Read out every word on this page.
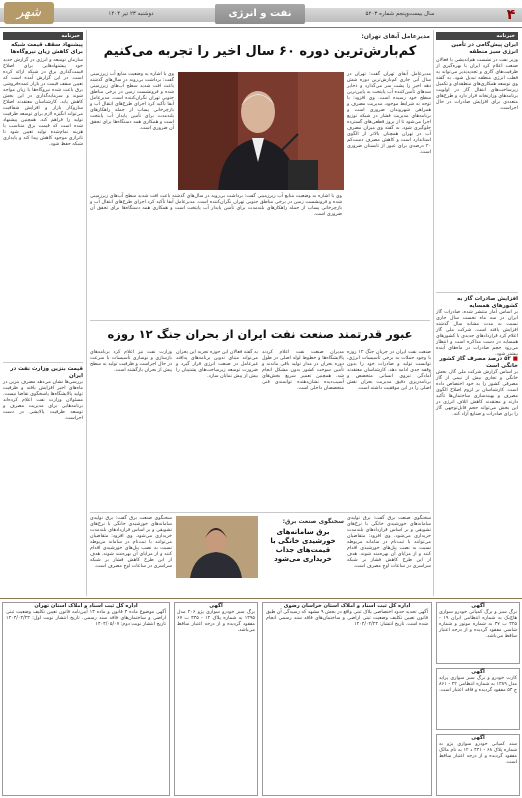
شهر	دوشنبه ۲۳ تیر ۱۴۰۴	نفت و انرژی	سال بیست‌وپنجم شماره ۵۲۰۳	۴
خبرنامه
پیشنهاد سقف قیمت شبکه برای کاهش زیان نیروگاه‌ها
سازمان توسعه و انرژی در گزارش جدید خود پیشنهادهایی برای اصلاح قیمت‌گذاری برق در شبکه ارائه کرده است. در این گزارش آمده است که تعیین سقف قیمت در بازار عمده‌فروشی برق باعث شده نیروگاه‌ها با زیان مواجه شوند و سرمایه‌گذاری در این بخش کاهش یابد. کارشناسان معتقدند اصلاح سازوکار بازار و افزایش شفافیت می‌تواند انگیزه لازم برای توسعه ظرفیت تولید را فراهم کند. همچنین پیشنهاد شده است که قیمت برق متناسب با هزینه تمام‌شده تولید تعیین شود تا ناترازی موجود کاهش پیدا کند و پایداری شبکه حفظ شود.
قیمت بنزین وزارت نفت در ایران
بررسی‌ها نشان می‌دهد مصرف بنزین در ماه‌های اخیر افزایش یافته و ظرفیت تولید پالایشگاه‌ها پاسخگوی تقاضا نیست. مسئولان وزارت نفت اعلام کرده‌اند برنامه‌هایی برای مدیریت مصرف و توسعه ظرفیت پالایشی در دست اجراست.
خبرنامه
ایران پیش‌گامی در تأمین انرژی سبز منطقه
وزیر نفت در نشست هم‌اندیشی با فعالان صنعت اعلام کرد ایران با بهره‌گیری از ظرفیت‌های گازی و تجدیدپذیر می‌تواند به قطب انرژی منطقه تبدیل شود. به گفته وی توسعه همکاری‌های منطقه‌ای و تکمیل زیرساخت‌های انتقال گاز در اولویت برنامه‌های وزارتخانه قرار دارد و طرح‌های متعددی برای افزایش صادرات در حال اجراست.
افزایش صادرات گاز به کشورهای همسایه
بر اساس آمار منتشر شده، صادرات گاز ایران در سه ماه نخست سال جاری نسبت به مدت مشابه سال گذشته افزایش یافته است. شرکت ملی گاز اعلام کرد قراردادهای جدیدی با کشورهای همسایه در دست مذاکره است و انتظار می‌رود حجم صادرات در ماه‌های آینده بیشتر شود.
مدیرعامل آبفای تهران:
کم‌بارش‌ترین دوره ۶۰ سال اخیر را تجربه می‌کنیم
مدیرعامل آبفای تهران گفت: تهران در سال آبی جاری کم‌بارش‌ترین دوره شش دهه اخیر را پشت سر می‌گذارد و ذخایر سدهای تأمین‌کننده آب پایتخت به پایین‌ترین سطح خود رسیده است. وی افزود: با توجه به شرایط موجود، مدیریت مصرف و همراهی شهروندان ضروری است و برنامه‌های مدیریت فشار در شبکه توزیع اجرا می‌شود تا از بروز قطعی‌های گسترده جلوگیری شود. به گفته وی میزان مصرف آب در تهران همچنان بالاتر از الگوی استاندارد است و کاهش مصرف دست‌کم ۲۰ درصدی برای عبور از تابستان ضروری است.
وی با اشاره به وضعیت منابع آب زیرزمینی گفت: برداشت بی‌رویه در سال‌های گذشته باعث افت شدید سطح آب‌های زیرزمینی شده و فرونشست زمین در برخی مناطق جنوبی تهران نگران‌کننده است. مدیرعامل آبفا تأکید کرد اجرای طرح‌های انتقال آب و بازچرخانی پساب از جمله راهکارهای بلندمدت برای تأمین پایدار آب پایتخت است و همکاری همه دستگاه‌ها برای تحقق آن ضروری است.
وی با اشاره به وضعیت منابع آب زیرزمینی گفت: برداشت بی‌رویه در سال‌های گذشته باعث افت شدید سطح آب‌های زیرزمینی شده و فرونشست زمین در برخی مناطق جنوبی تهران نگران‌کننده است. مدیرعامل آبفا تأکید کرد اجرای طرح‌های انتقال آب و بازچرخانی پساب از جمله راهکارهای بلندمدت برای تأمین پایدار آب پایتخت است و همکاری همه دستگاه‌ها برای تحقق آن ضروری است.
عبور قدرتمند صنعت نفت ایران از بحران جنگ ۱۲ روزه
صنعت نفت ایران در جریان جنگ ۱۲ روزه با وجود حملات به برخی تأسیسات انرژی، توانست تولید و صادرات خود را بدون وقفه جدی ادامه دهد. کارشناسان معتقدند آمادگی نیروی انسانی متخصص و برنامه‌ریزی دقیق مدیریت بحران نقش اصلی را در این موفقیت داشته است.
مدیران صنعت نفت اعلام کردند پالایشگاه‌ها و خطوط لوله اصلی در طول دوره بحران در مدار تولید باقی ماندند و تأمین سوخت کشور بدون مشکل انجام شد. همچنین تعمیر سریع بخش‌های آسیب‌دیده نشان‌دهنده توانمندی فنی متخصصان داخلی است.
به گفته فعالان این حوزه تجربه این بحران می‌تواند مبنای تدوین برنامه‌های پدافند غیرعامل در صنعت انرژی قرار گیرد و ضرورت توسعه زیرساخت‌های پشتیبان را بیش از پیش نمایان سازد.
وزارت نفت نیز اعلام کرد برنامه‌های بازسازی و نوسازی تأسیسات با سرعت در حال اجراست و ظرفیت تولید به سطح پیش از بحران بازگشته است.
■ ۵۲ درصد مصرف گاز کشور خانگی است
بر اساس گزارش شرکت ملی گاز، بخش خانگی و تجاری بیش از نیمی از گاز مصرفی کشور را به خود اختصاص داده است. کارشناسان بر لزوم اصلاح الگوی مصرف و بهینه‌سازی ساختمان‌ها تأکید دارند و معتقدند کاهش اتلاف انرژی در این بخش می‌تواند حجم قابل‌توجهی گاز را برای صادرات و صنایع آزاد کند.
سخنگوی صنعت برق:
برق سامانه‌های خورشیدی خانگی با قیمت‌های جذاب خریداری می‌شود
سخنگوی صنعت برق گفت: برق تولیدی سامانه‌های خورشیدی خانگی با نرخ‌های تشویقی و بر اساس قراردادهای بلندمدت خریداری می‌شود. وی افزود: متقاضیان می‌توانند با ثبت‌نام در سامانه مربوطه نسبت به نصب پنل‌های خورشیدی اقدام کنند و از مزایای آن بهره‌مند شوند. هدف از این طرح کاهش فشار بر شبکه سراسری در ساعات اوج مصرف است.
سخنگوی صنعت برق گفت: برق تولیدی سامانه‌های خورشیدی خانگی با نرخ‌های تشویقی و بر اساس قراردادهای بلندمدت خریداری می‌شود. وی افزود: متقاضیان می‌توانند با ثبت‌نام در سامانه مربوطه نسبت به نصب پنل‌های خورشیدی اقدام کنند و از مزایای آن بهره‌مند شوند. هدف از این طرح کاهش فشار بر شبکه سراسری در ساعات اوج مصرف است.
آگهی
برگ سبز و برگ کمپانی خودرو سواری هاچ‌بک به شماره انتظامی ایران ۱۹ - ۳۲۵ ب ۴۷ به شماره موتور و شماره شاسی مفقود گردیده و از درجه اعتبار ساقط می‌باشد.
آگهی
کارت خودرو و برگ سبز سواری پراید مدل ۱۳۸۹ به شماره انتظامی ۲۲ - ۸۶۱ ج ۵۳ مفقود گردیده و فاقد اعتبار است.
آگهی
سند کمپانی خودرو سواری پژو به شماره پلاک ۶۸ - ۴۴۱ د ۱۲ به نام مالک مفقود گردیده و از درجه اعتبار ساقط است.
اداره کل ثبت اسناد و املاک استان خراسان رضوی
آگهی تحدید حدود اختصاصی پلاک ثبتی واقع در بخش ۹ مشهد که رسیدگی آن طبق قانون تعیین تکلیف وضعیت ثبتی اراضی و ساختمان‌های فاقد سند رسمی انجام شده است. تاریخ انتشار: ۱۴۰۴/۰۴/۲۳
آگهی
برگ سبز خودرو سواری پژو ۲۰۶ مدل ۱۳۹۵ به شماره پلاک ۱۲ - ۳۴۵ ب ۶۷ مفقود گردیده و از درجه اعتبار ساقط می‌باشد.
اداره کل ثبت اسناد و املاک استان تهران
آگهی موضوع ماده ۳ قانون و ماده ۱۳ آیین‌نامه قانون تعیین تکلیف وضعیت ثبتی اراضی و ساختمان‌های فاقد سند رسمی. تاریخ انتشار نوبت اول: ۱۴۰۴/۰۴/۲۳ تاریخ انتشار نوبت دوم: ۱۴۰۴/۰۵/۰۷
